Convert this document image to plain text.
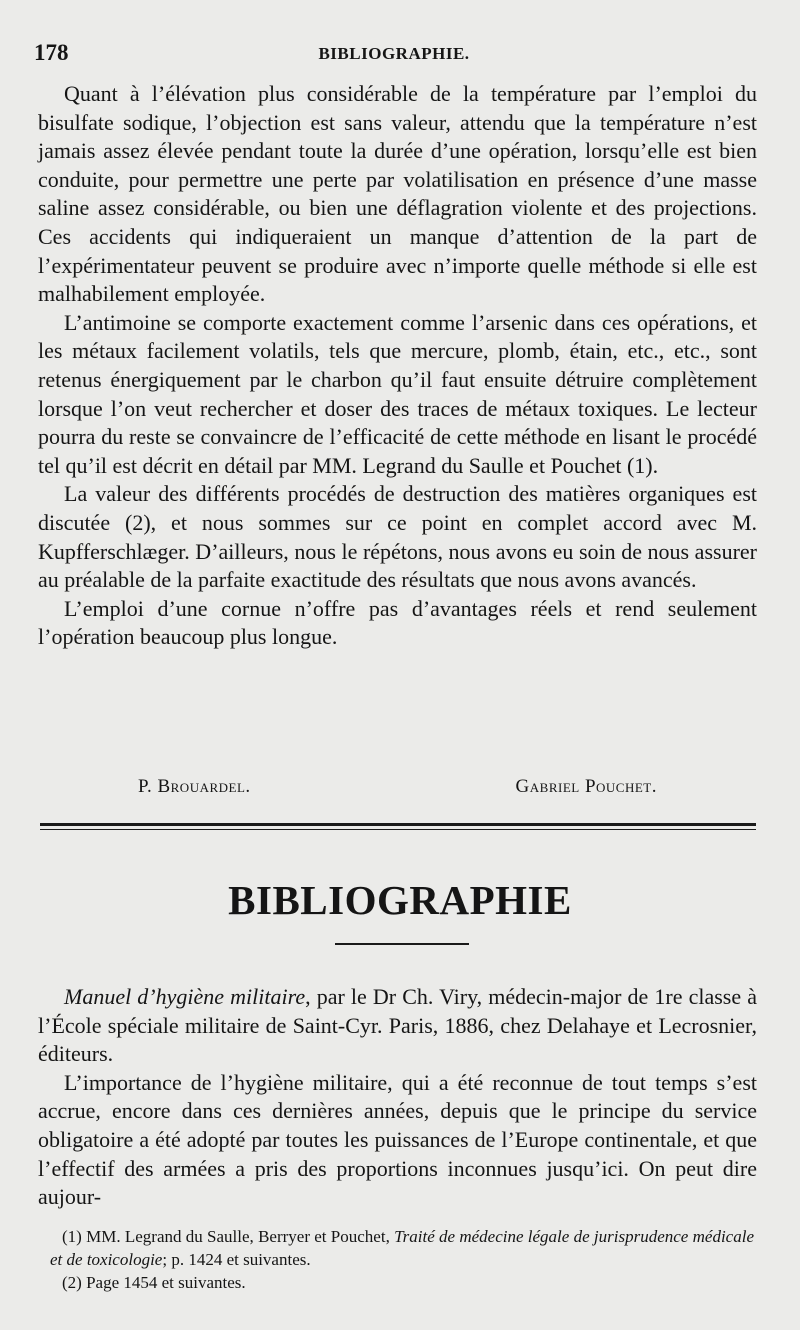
178	BIBLIOGRAPHIE.

Quant à l’élévation plus considérable de la température par l’emploi du bisulfate sodique, l’objection est sans valeur, attendu que la température n’est jamais assez élevée pendant toute la durée d’une opération, lorsqu’elle est bien conduite, pour permettre une perte par volatilisation en présence d’une masse saline assez considérable, ou bien une déflagration violente et des projections. Ces accidents qui indiqueraient un manque d’attention de la part de l’expérimentateur peuvent se produire avec n’importe quelle méthode si elle est malhabilement employée.

L’antimoine se comporte exactement comme l’arsenic dans ces opérations, et les métaux facilement volatils, tels que mercure, plomb, étain, etc., etc., sont retenus énergiquement par le charbon qu’il faut ensuite détruire complètement lorsque l’on veut rechercher et doser des traces de métaux toxiques. Le lecteur pourra du reste se convaincre de l’efficacité de cette méthode en lisant le procédé tel qu’il est décrit en détail par MM. Legrand du Saulle et Pouchet (1).

La valeur des différents procédés de destruction des matières organiques est discutée (2), et nous sommes sur ce point en complet accord avec M. Kupfferschlæger. D’ailleurs, nous le répétons, nous avons eu soin de nous assurer au préalable de la parfaite exactitude des résultats que nous avons avancés.

L’emploi d’une cornue n’offre pas d’avantages réels et rend seulement l’opération beaucoup plus longue.

P. Brouardel.	Gabriel Pouchet.
BIBLIOGRAPHIE

Manuel d’hygiène militaire, par le Dr Ch. Viry, médecin-major de 1re classe à l’École spéciale militaire de Saint-Cyr. Paris, 1886, chez Delahaye et Lecrosnier, éditeurs.

L’importance de l’hygiène militaire, qui a été reconnue de tout temps s’est accrue, encore dans ces dernières années, depuis que le principe du service obligatoire a été adopté par toutes les puissances de l’Europe continentale, et que l’effectif des armées a pris des proportions inconnues jusqu’ici. On peut dire aujour-

(1) MM. Legrand du Saulle, Berryer et Pouchet, Traité de médecine légale de jurisprudence médicale et de toxicologie; p. 1424 et suivantes.

(2) Page 1454 et suivantes.
